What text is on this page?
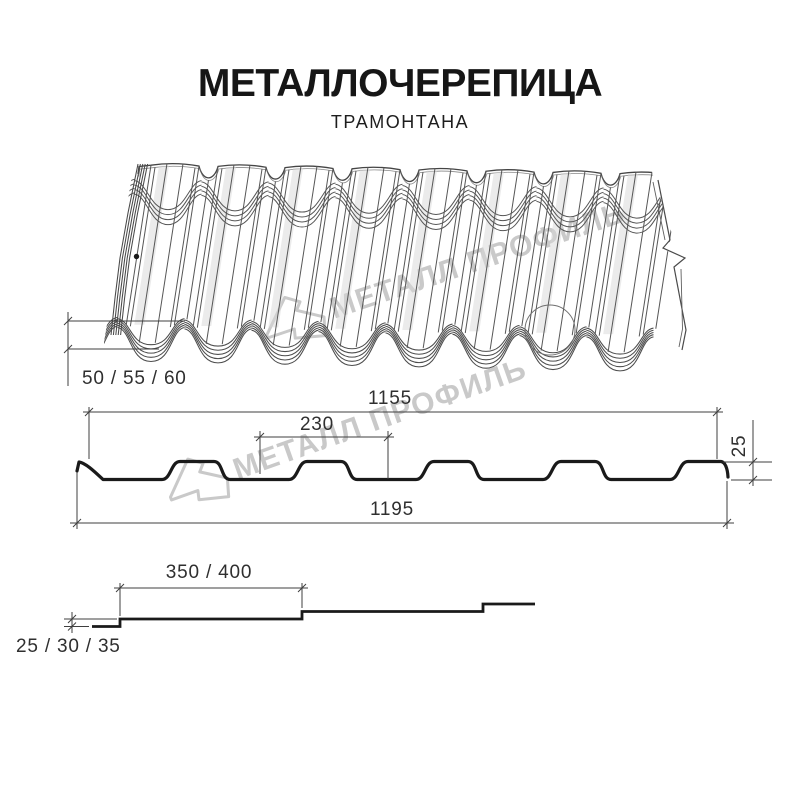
МЕТАЛЛОЧЕРЕПИЦА
ТРАМОНТАНА
50 / 55 / 60
1155
230
1195
25
350 / 400
25 / 30 / 35
